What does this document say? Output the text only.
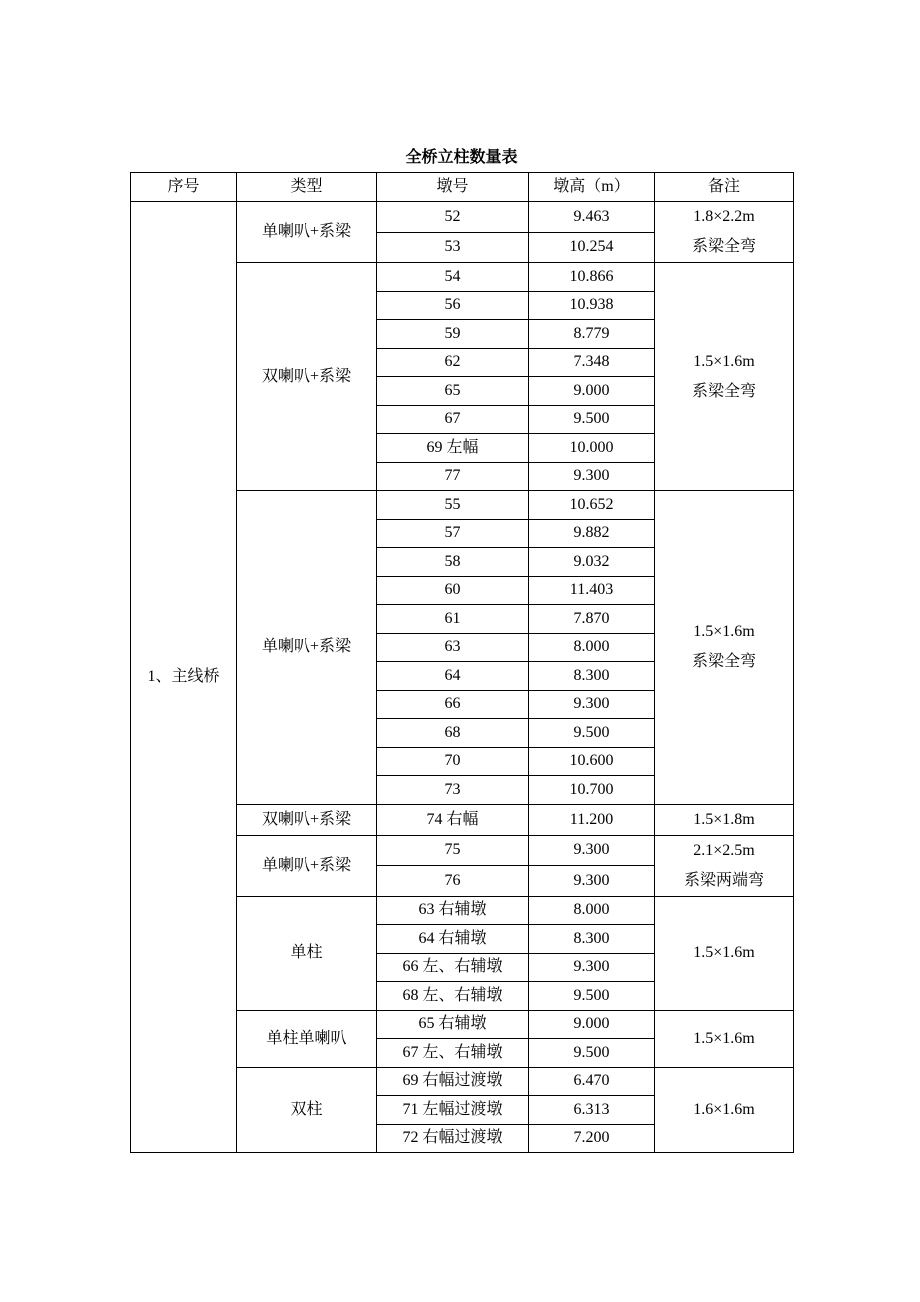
全桥立柱数量表
序号	类型	墩号	墩高（m）	备注
1、主线桥	单喇叭+系梁	52	9.463	1.8×2.2m
系梁全弯

		53	10.254	
	双喇叭+系梁	54	10.866	1.5×1.6m
系梁全弯

		56	10.938	
		59	8.779	
		62	7.348	
		65	9.000	
		67	9.500	
		69 左幅	10.000	
		77	9.300	
	单喇叭+系梁	55	10.652	1.5×1.6m
系梁全弯

		57	9.882	
		58	9.032	
		60	11.403	
		61	7.870	
		63	8.000	
		64	8.300	
		66	9.300	
		68	9.500	
		70	10.600	
		73	10.700	
	双喇叭+系梁	74 右幅	11.200	1.5×1.8m

	单喇叭+系梁	75	9.300	2.1×2.5m
系梁两端弯

		76	9.300	
	单柱	63 右辅墩	8.000	1.5×1.6m

		64 右辅墩	8.300	
		66 左、右辅墩	9.300	
		68 左、右辅墩	9.500	
	单柱单喇叭	65 右辅墩	9.000	1.5×1.6m

		67 左、右辅墩	9.500	
	双柱	69 右幅过渡墩	6.470	1.6×1.6m

		71 左幅过渡墩	6.313	
		72 右幅过渡墩	7.200	
